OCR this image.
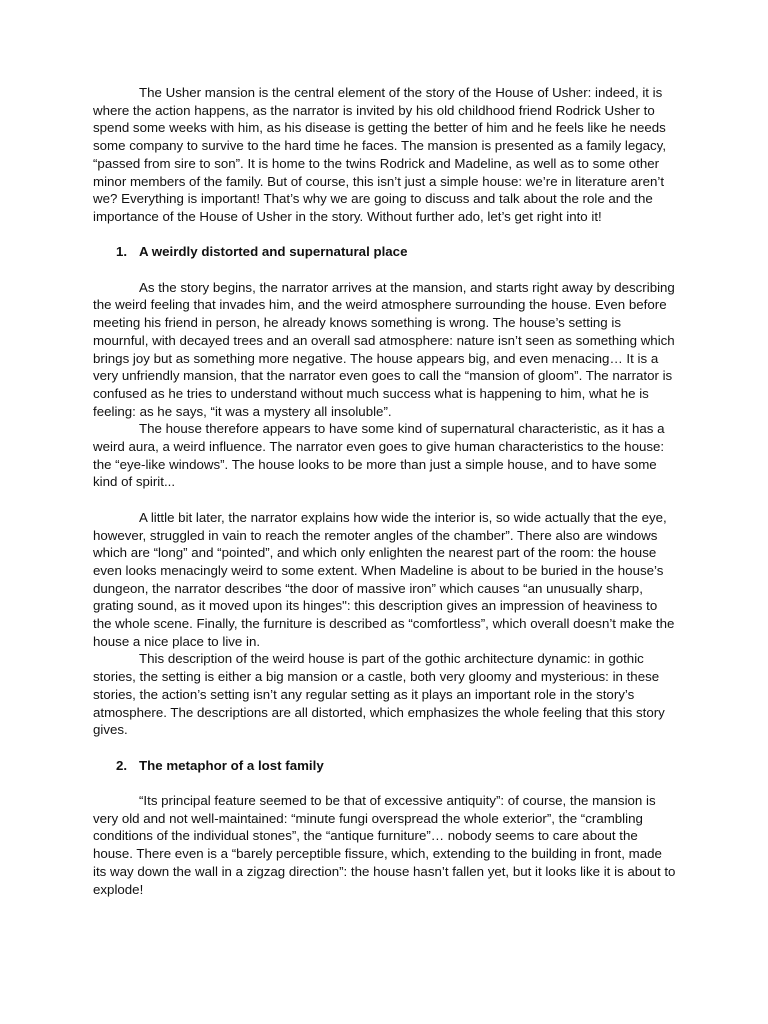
The Usher mansion is the central element of the story of the House of Usher: indeed, it is where the action happens, as the narrator is invited by his old childhood friend Rodrick Usher to spend some weeks with him, as his disease is getting the better of him and he feels like he needs some company to survive to the hard time he faces. The mansion is presented as a family legacy, “passed from sire to son”. It is home to the twins Rodrick and Madeline, as well as to some other minor members of the family. But of course, this isn’t just a simple house: we’re in literature aren’t we? Everything is important! That’s why we are going to discuss and talk about the role and the importance of the House of Usher in the story. Without further ado, let’s get right into it!

1. A weirdly distorted and supernatural place

As the story begins, the narrator arrives at the mansion, and starts right away by describing the weird feeling that invades him, and the weird atmosphere surrounding the house. Even before meeting his friend in person, he already knows something is wrong. The house’s setting is mournful, with decayed trees and an overall sad atmosphere: nature isn’t seen as something which brings joy but as something more negative. The house appears big, and even menacing… It is a very unfriendly mansion, that the narrator even goes to call the “mansion of gloom”. The narrator is confused as he tries to understand without much success what is happening to him, what he is feeling: as he says, “it was a mystery all insoluble”.

The house therefore appears to have some kind of supernatural characteristic, as it has a weird aura, a weird influence. The narrator even goes to give human characteristics to the house: the “eye-like windows”. The house looks to be more than just a simple house, and to have some kind of spirit...

A little bit later, the narrator explains how wide the interior is, so wide actually that the eye, however, struggled in vain to reach the remoter angles of the chamber”. There also are windows which are “long” and “pointed”, and which only enlighten the nearest part of the room: the house even looks menacingly weird to some extent. When Madeline is about to be buried in the house’s dungeon, the narrator describes “the door of massive iron” which causes “an unusually sharp, grating sound, as it moved upon its hinges": this description gives an impression of heaviness to the whole scene. Finally, the furniture is described as “comfortless”, which overall doesn’t make the house a nice place to live in.

This description of the weird house is part of the gothic architecture dynamic: in gothic stories, the setting is either a big mansion or a castle, both very gloomy and mysterious: in these stories, the action’s setting isn’t any regular setting as it plays an important role in the story’s atmosphere. The descriptions are all distorted, which emphasizes the whole feeling that this story gives.

2. The metaphor of a lost family

“Its principal feature seemed to be that of excessive antiquity”: of course, the mansion is very old and not well-maintained: “minute fungi overspread the whole exterior”, the “crambling conditions of the individual stones”, the “antique furniture”… nobody seems to care about the house. There even is a “barely perceptible fissure, which, extending to the building in front, made its way down the wall in a zigzag direction”: the house hasn’t fallen yet, but it looks like it is about to explode!
